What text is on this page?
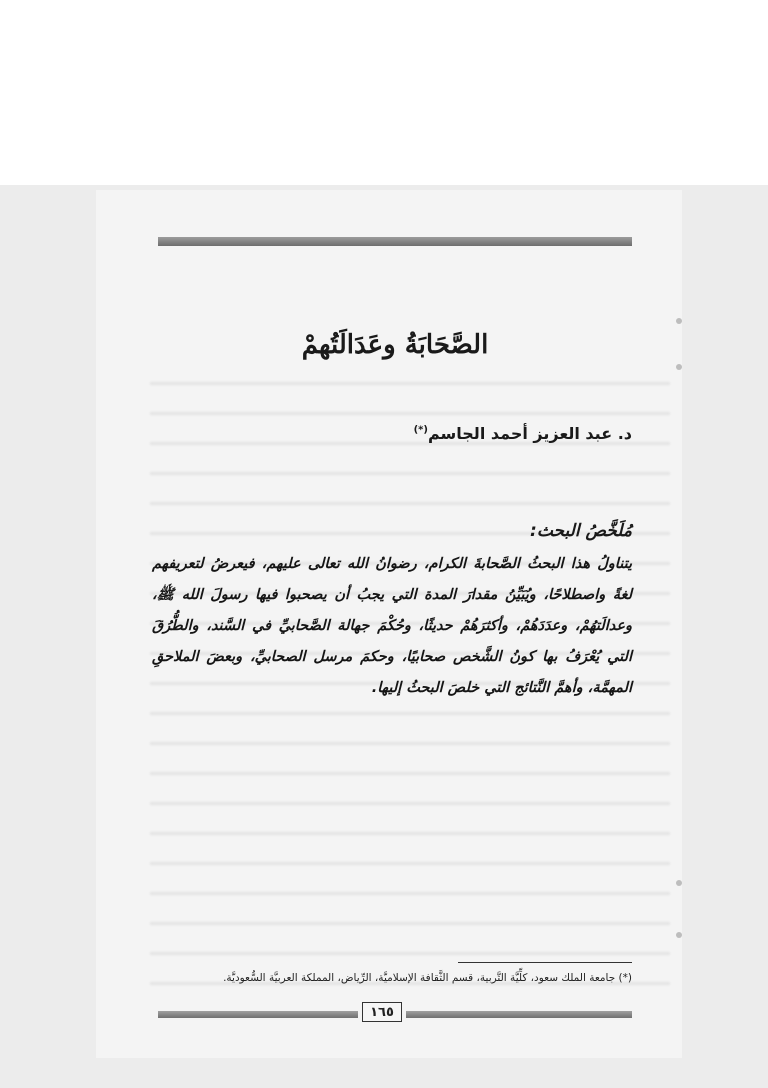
الصَّحَابَةُ وعَدَالَتُهمْ
د. عبد العزيز أحمد الجاسم(*)
مُلَخَّصُ البحث:
يتناولُ هذا البحثُ الصَّحابةَ الكرام، رضوانُ الله تعالى عليهم، فيعرضُ لتعريفهم لغةً واصطلاحًا، ويُبَيِّنُ مقدارَ المدة التي يجبُ أن يصحبوا فيها رسولَ الله ﷺ، وعدالَتهُمْ، وعدَدَهُمْ، وأكثرَهُمْ حديثًا، وحُكْمَ جهالة الصَّحابيِّ في السَّند، والطُّرُقَ التي يُعْرَفُ بها كونُ الشَّخص صحابيًا، وحكمَ مرسل الصحابيِّ، وبعضَ الملاحقِ المهمَّة، وأهمَّ النَّتائج التي خلصَ البحثُ إليها.
(*) جامعة الملك سعود، كلِّيَّة التَّربية، قسم الثَّقافة الإسلاميَّة، الرِّياض، المملكة العربيَّة السُّعوديَّة.
١٦٥
